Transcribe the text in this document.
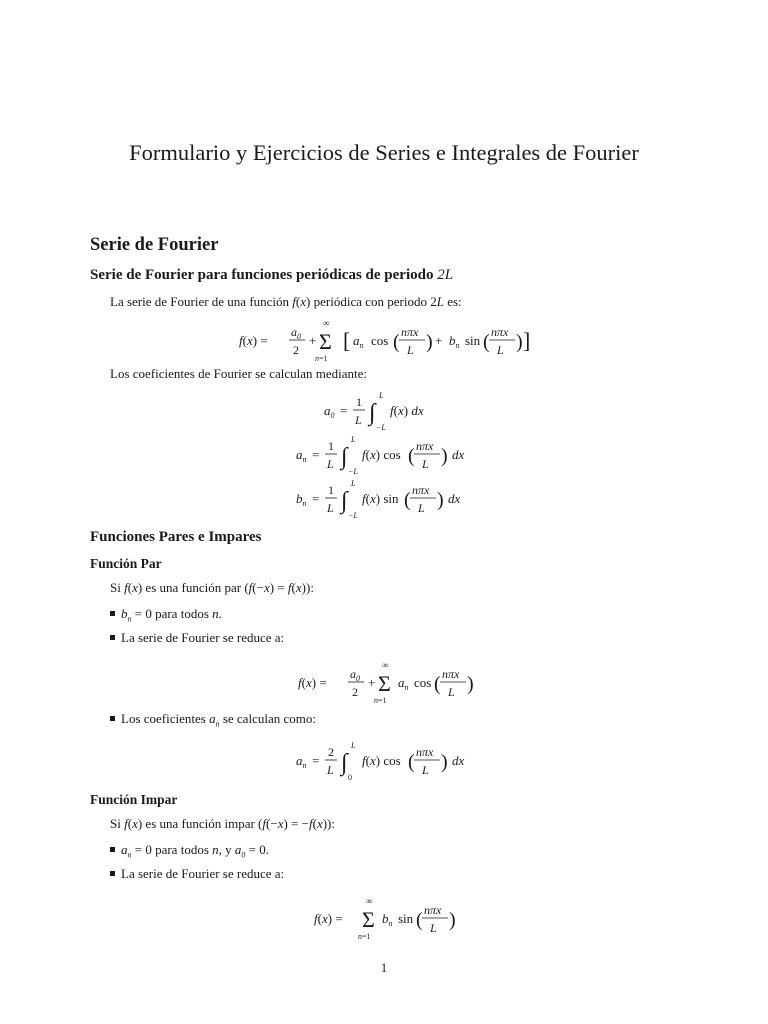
Formulario y Ejercicios de Series e Integrales de Fourier
Serie de Fourier
Serie de Fourier para funciones periódicas de periodo 2L
La serie de Fourier de una función f(x) periódica con periodo 2L es:
f(x) =
$a_0$
2
+
∞
Σ
n=1
[ $a_n$ cos ( nπx
L ) + $b_n$ sin ( nπx
L ) ]
Los coeficientes de Fourier se calculan mediante:
$a_0$ =
1
L ∫
L
−L
f(x) dx
$a_n$ =
1
L ∫
L
−L
f(x) cos ( nπx
L ) dx
$b_n$ =
1
L ∫
L
−L
f(x) sin ( nπx
L ) dx
Funciones Pares e Impares
Función Par
Si f(x) es una función par (f(−x) = f(x)):
$b_n = 0$ para todos n.
La serie de Fourier se reduce a:
f(x) =
$a_0$
2
+
∞
Σ
n=1
$a_n$ cos ( nπx
L )
Los coeficientes $a_n$ se calculan como:
$a_n$ =
2
L ∫
L
0
f(x) cos ( nπx
L ) dx
Función Impar
Si f(x) es una función impar (f(−x) = −f(x)):
$a_n = 0$ para todos n, y $a_0 = 0$.
La serie de Fourier se reduce a:
f(x) =
∞
Σ
n=1
$b_n$ sin ( nπx
L )
1
